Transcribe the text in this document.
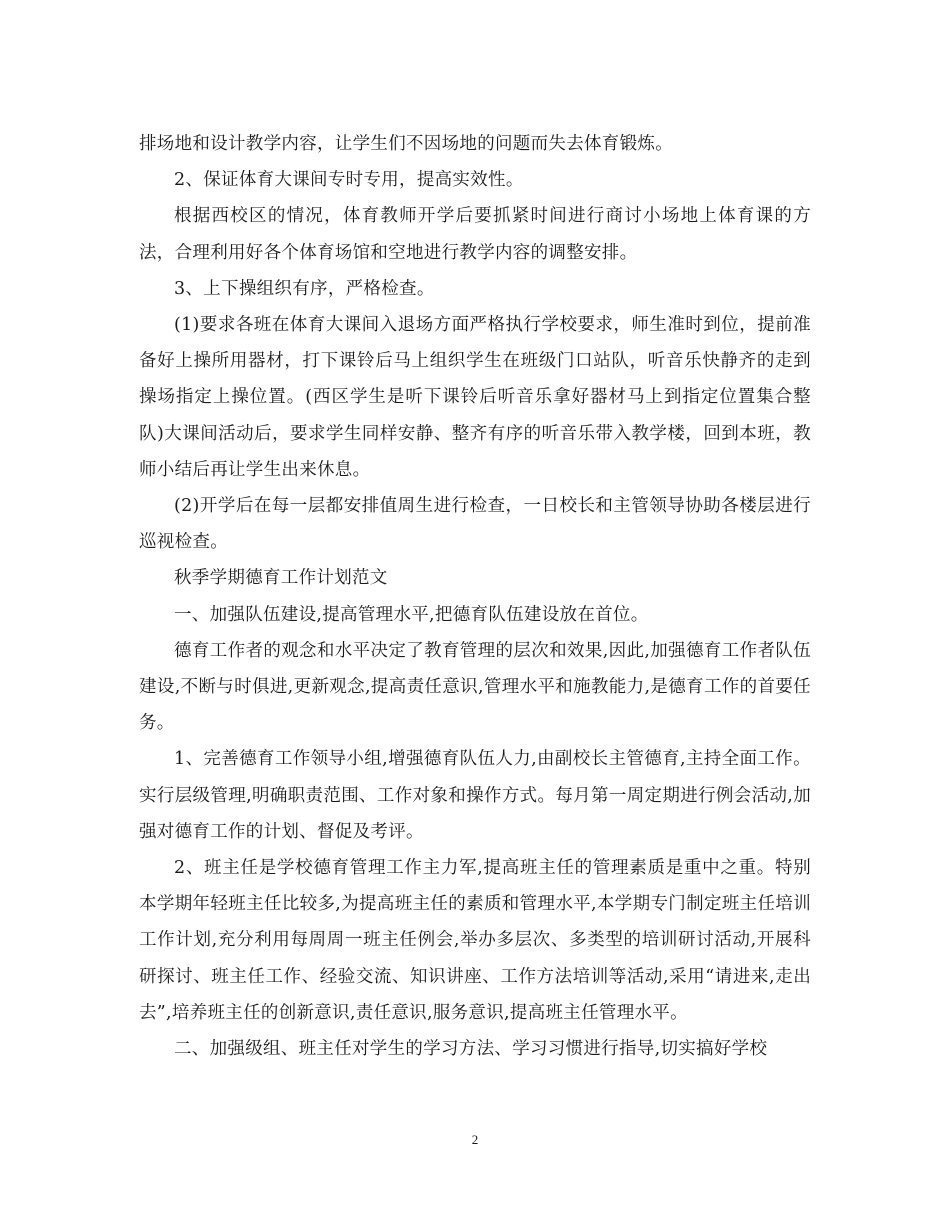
排场地和设计教学内容，让学生们不因场地的问题而失去体育锻炼。

2、保证体育大课间专时专用，提高实效性。

根据西校区的情况，体育教师开学后要抓紧时间进行商讨小场地上体育课的方法，合理利用好各个体育场馆和空地进行教学内容的调整安排。

3、上下操组织有序，严格检查。

(1)要求各班在体育大课间入退场方面严格执行学校要求，师生准时到位，提前准备好上操所用器材，打下课铃后马上组织学生在班级门口站队，听音乐快静齐的走到操场指定上操位置。(西区学生是听下课铃后听音乐拿好器材马上到指定位置集合整队)大课间活动后，要求学生同样安静、整齐有序的听音乐带入教学楼，回到本班，教师小结后再让学生出来休息。

(2)开学后在每一层都安排值周生进行检查，一日校长和主管领导协助各楼层进行巡视检查。

秋季学期德育工作计划范文

一、加强队伍建设,提高管理水平,把德育队伍建设放在首位。

德育工作者的观念和水平决定了教育管理的层次和效果,因此,加强德育工作者队伍建设,不断与时俱进,更新观念,提高责任意识,管理水平和施教能力,是德育工作的首要任务。

1、完善德育工作领导小组,增强德育队伍人力,由副校长主管德育,主持全面工作。实行层级管理,明确职责范围、工作对象和操作方式。每月第一周定期进行例会活动,加强对德育工作的计划、督促及考评。

2、班主任是学校德育管理工作主力军,提高班主任的管理素质是重中之重。特别本学期年轻班主任比较多,为提高班主任的素质和管理水平,本学期专门制定班主任培训工作计划,充分利用每周周一班主任例会,举办多层次、多类型的培训研讨活动,开展科研探讨、班主任工作、经验交流、知识讲座、工作方法培训等活动,采用“请进来,走出去”,培养班主任的创新意识,责任意识,服务意识,提高班主任管理水平。

二、加强级组、班主任对学生的学习方法、学习习惯进行指导,切实搞好学校

2
